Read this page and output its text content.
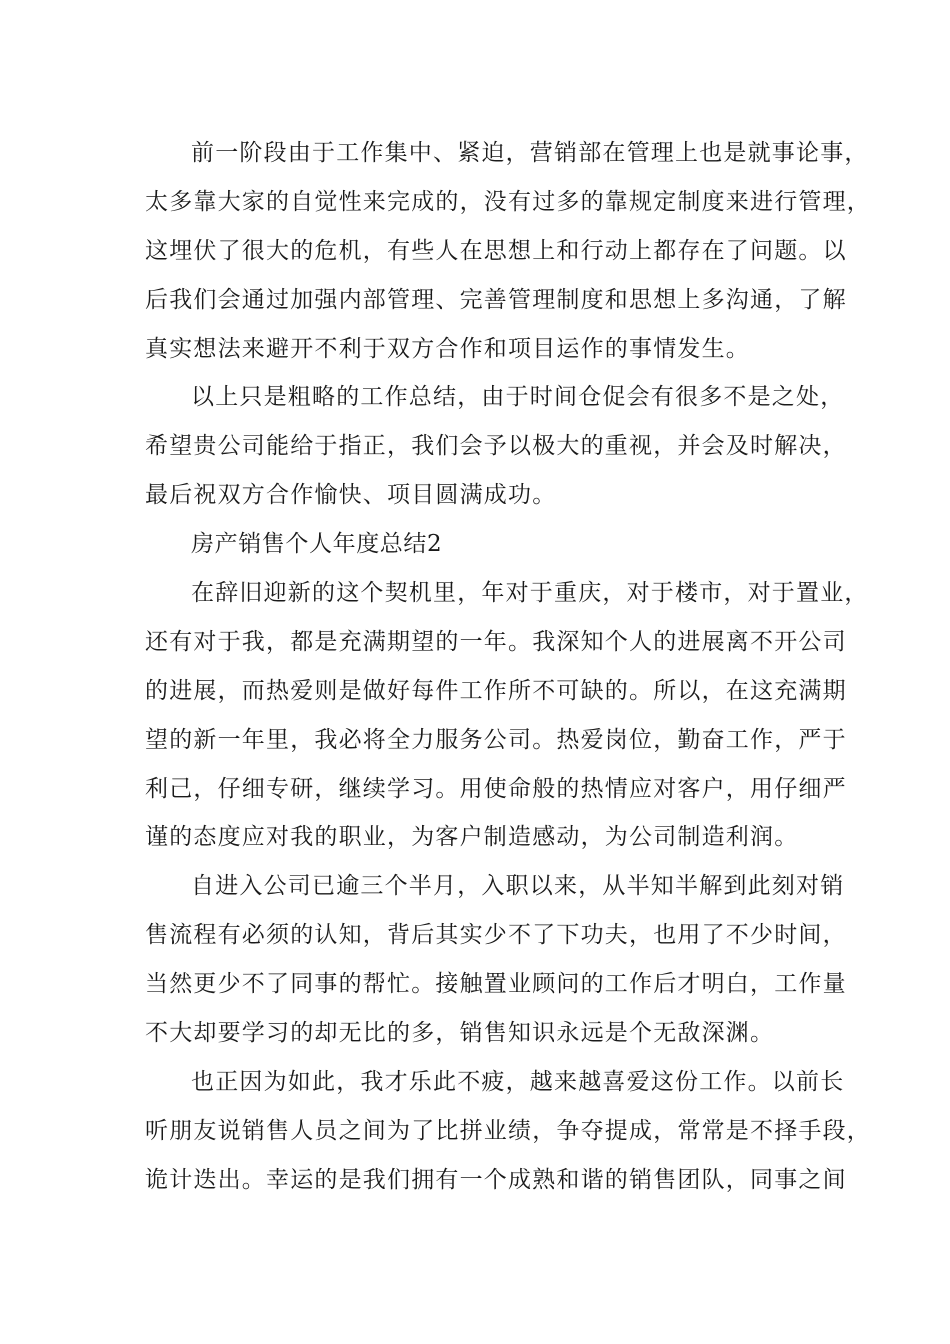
前一阶段由于工作集中、紧迫，营销部在管理上也是就事论事，
太多靠大家的自觉性来完成的，没有过多的靠规定制度来进行管理，
这埋伏了很大的危机，有些人在思想上和行动上都存在了问题。以
后我们会通过加强内部管理、完善管理制度和思想上多沟通，了解
真实想法来避开不利于双方合作和项目运作的事情发生。
以上只是粗略的工作总结，由于时间仓促会有很多不是之处，
希望贵公司能给于指正，我们会予以极大的重视，并会及时解决，
最后祝双方合作愉快、项目圆满成功。
房产销售个人年度总结2
在辞旧迎新的这个契机里，年对于重庆，对于楼市，对于置业，
还有对于我，都是充满期望的一年。我深知个人的进展离不开公司
的进展，而热爱则是做好每件工作所不可缺的。所以，在这充满期
望的新一年里，我必将全力服务公司。热爱岗位，勤奋工作，严于
利己，仔细专研，继续学习。用使命般的热情应对客户，用仔细严
谨的态度应对我的职业，为客户制造感动，为公司制造利润。
自进入公司已逾三个半月，入职以来，从半知半解到此刻对销
售流程有必须的认知，背后其实少不了下功夫，也用了不少时间，
当然更少不了同事的帮忙。接触置业顾问的工作后才明白，工作量
不大却要学习的却无比的多，销售知识永远是个无敌深渊。
也正因为如此，我才乐此不疲，越来越喜爱这份工作。以前长
听朋友说销售人员之间为了比拼业绩，争夺提成，常常是不择手段，
诡计迭出。幸运的是我们拥有一个成熟和谐的销售团队，同事之间
